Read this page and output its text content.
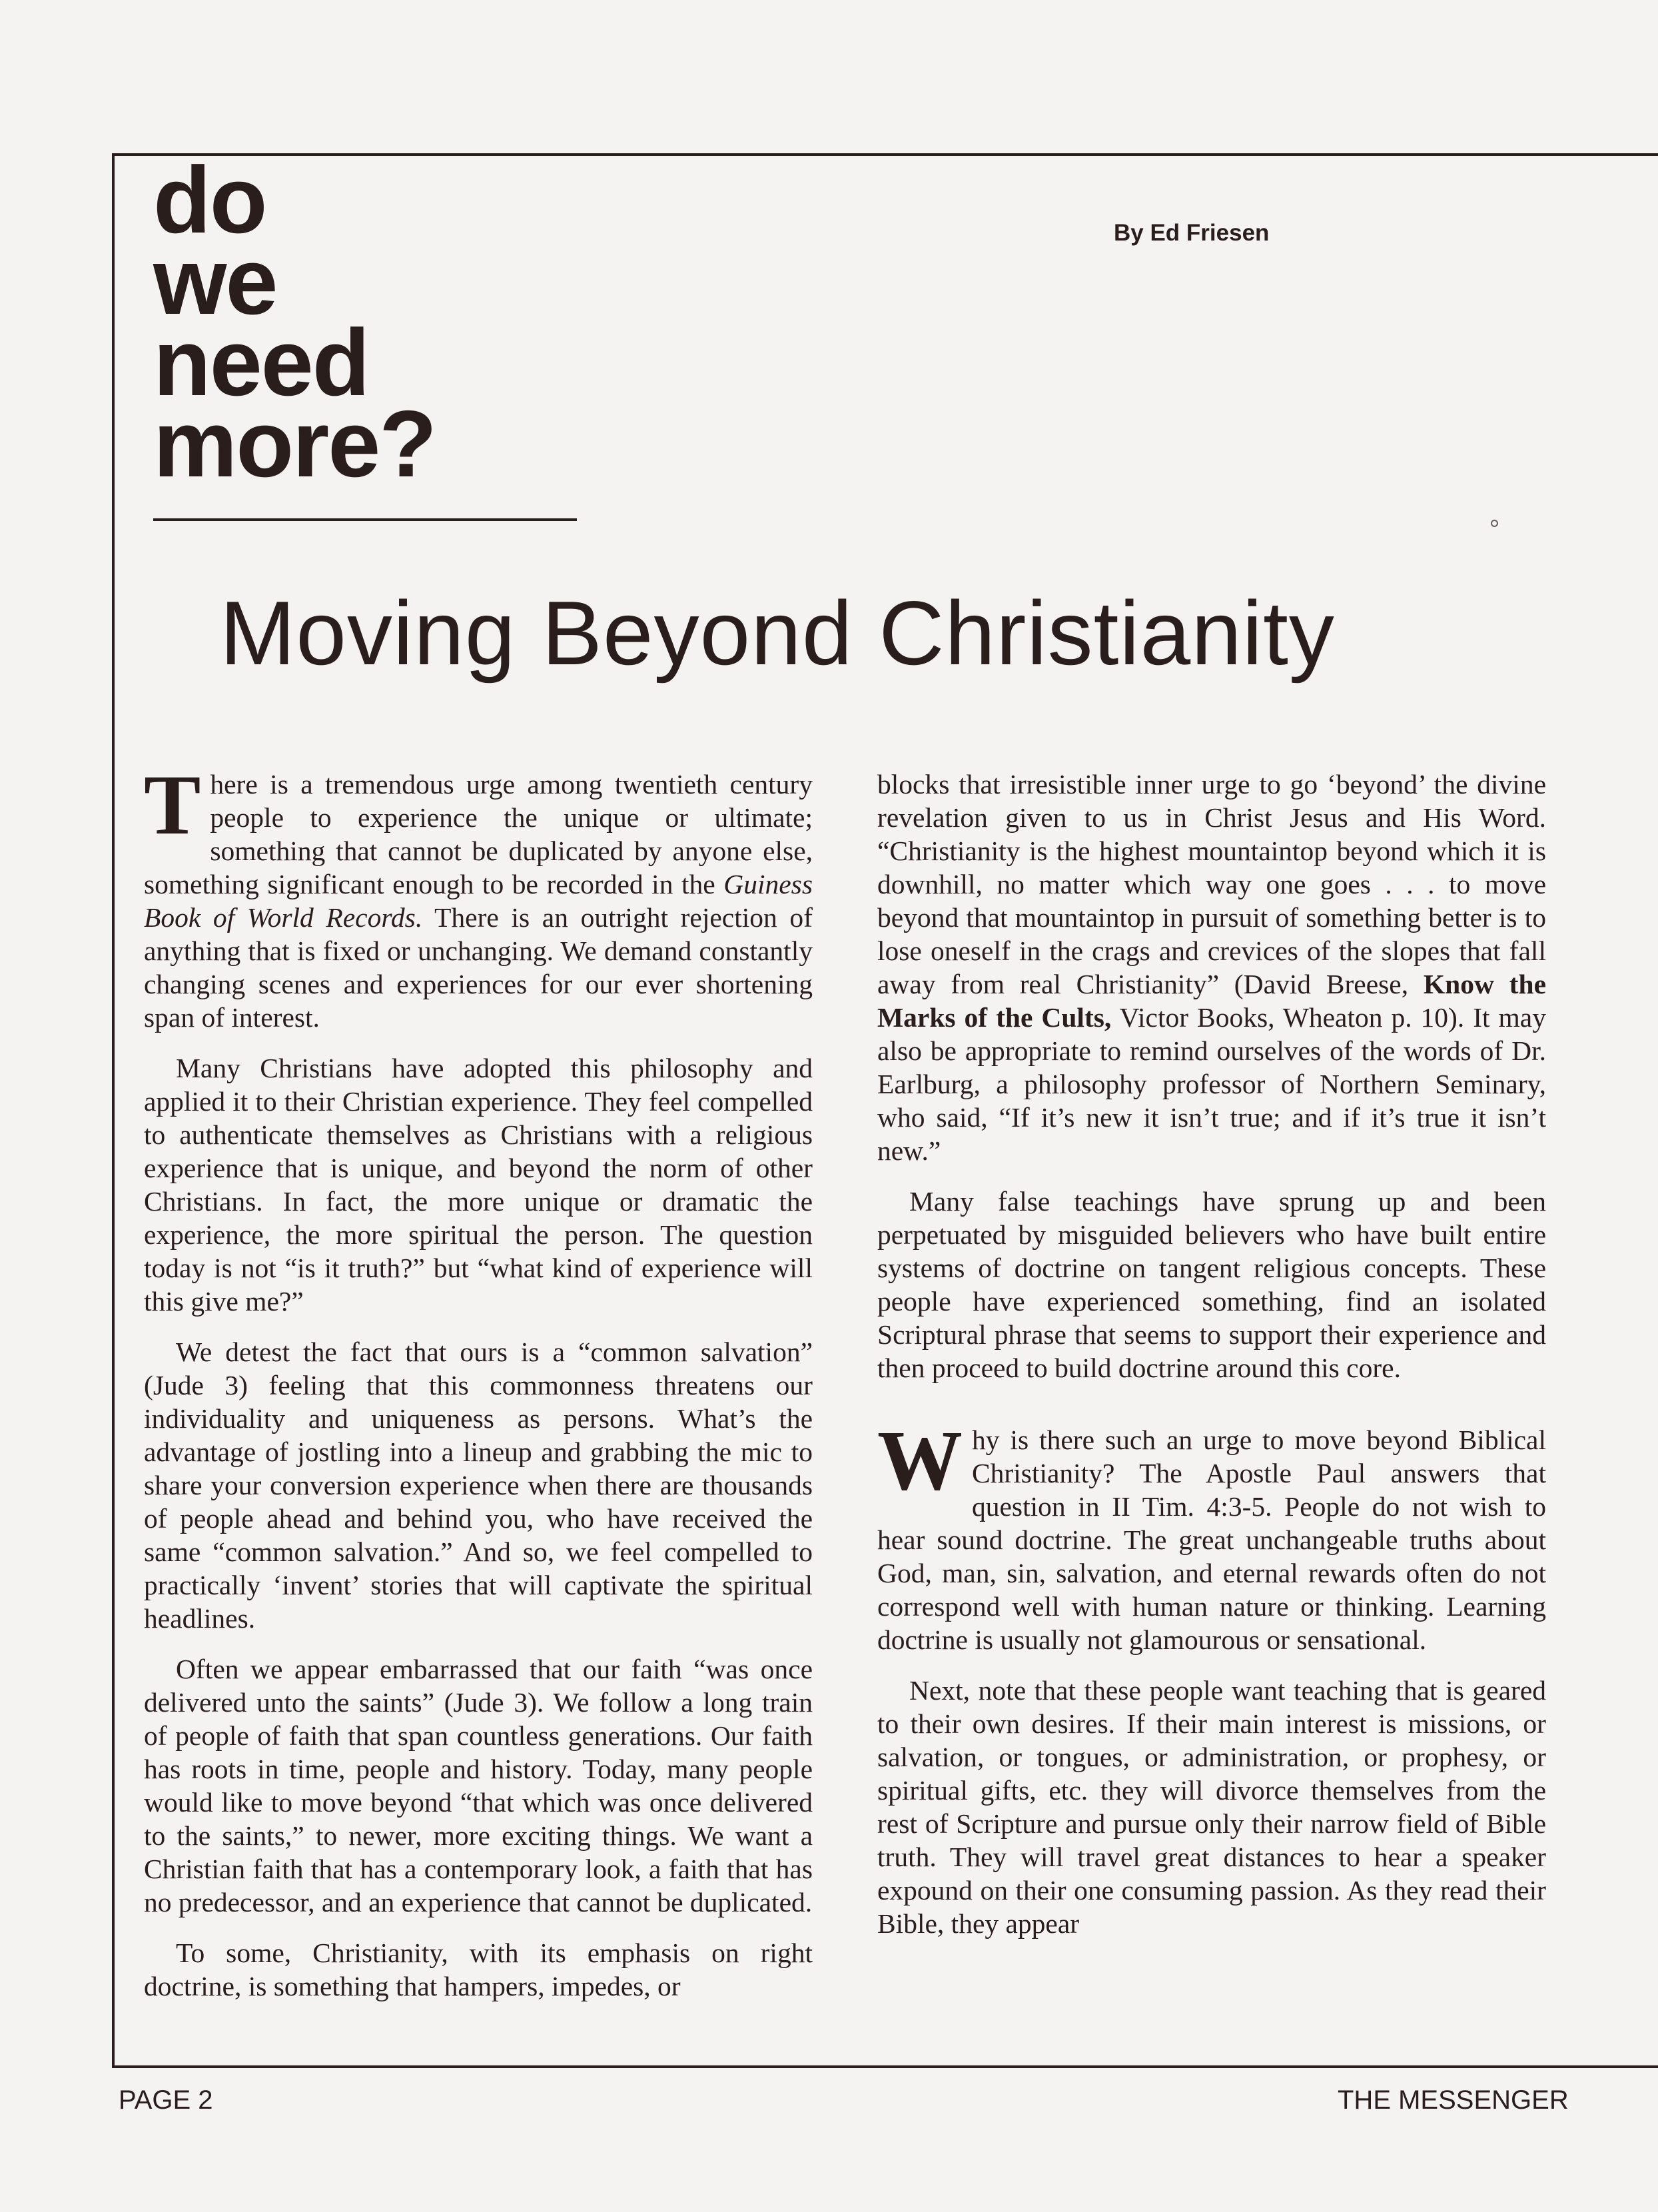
do
we
need
more?
By Ed Friesen
Moving Beyond Christianity

There is a tremendous urge among twentieth century people to experience the unique or ultimate; something that cannot be duplicated by anyone else, something significant enough to be recorded in the Guiness Book of World Records. There is an outright rejection of anything that is fixed or unchanging. We demand constantly changing scenes and experiences for our ever shortening span of interest.

Many Christians have adopted this philosophy and applied it to their Christian experience. They feel compelled to authenticate themselves as Christians with a religious experience that is unique, and beyond the norm of other Christians. In fact, the more unique or dramatic the experience, the more spiritual the person. The question today is not “is it truth?” but “what kind of experience will this give me?”

We detest the fact that ours is a “common salvation” (Jude 3) feeling that this commonness threatens our individuality and uniqueness as persons. What’s the advantage of jostling into a lineup and grabbing the mic to share your conversion experience when there are thousands of people ahead and behind you, who have received the same “common salvation.” And so, we feel compelled to practically ‘invent’ stories that will captivate the spiritual headlines.

Often we appear embarrassed that our faith “was once delivered unto the saints” (Jude 3). We follow a long train of people of faith that span countless generations. Our faith has roots in time, people and history. Today, many people would like to move beyond “that which was once delivered to the saints,” to newer, more exciting things. We want a Christian faith that has a contemporary look, a faith that has no predecessor, and an experience that cannot be duplicated.

To some, Christianity, with its emphasis on right doctrine, is something that hampers, impedes, or

blocks that irresistible inner urge to go ‘beyond’ the divine revelation given to us in Christ Jesus and His Word. “Christianity is the highest mountaintop beyond which it is downhill, no matter which way one goes . . . to move beyond that mountaintop in pursuit of something better is to lose oneself in the crags and crevices of the slopes that fall away from real Christianity” (David Breese, Know the Marks of the Cults, Victor Books, Wheaton p. 10). It may also be appropriate to remind ourselves of the words of Dr. Earlburg, a philosophy professor of Northern Seminary, who said, “If it’s new it isn’t true; and if it’s true it isn’t new.”

Many false teachings have sprung up and been perpetuated by misguided believers who have built entire systems of doctrine on tangent religious concepts. These people have experienced something, find an isolated Scriptural phrase that seems to support their experience and then proceed to build doctrine around this core.

Why is there such an urge to move beyond Biblical Christianity? The Apostle Paul answers that question in II Tim. 4:3-5. People do not wish to hear sound doctrine. The great unchangeable truths about God, man, sin, salvation, and eternal rewards often do not correspond well with human nature or thinking. Learning doctrine is usually not glamourous or sensational.

Next, note that these people want teaching that is geared to their own desires. If their main interest is missions, or salvation, or tongues, or administration, or prophesy, or spiritual gifts, etc. they will divorce themselves from the rest of Scripture and pursue only their narrow field of Bible truth. They will travel great distances to hear a speaker expound on their one consuming passion. As they read their Bible, they appear

PAGE 2	THE MESSENGER
